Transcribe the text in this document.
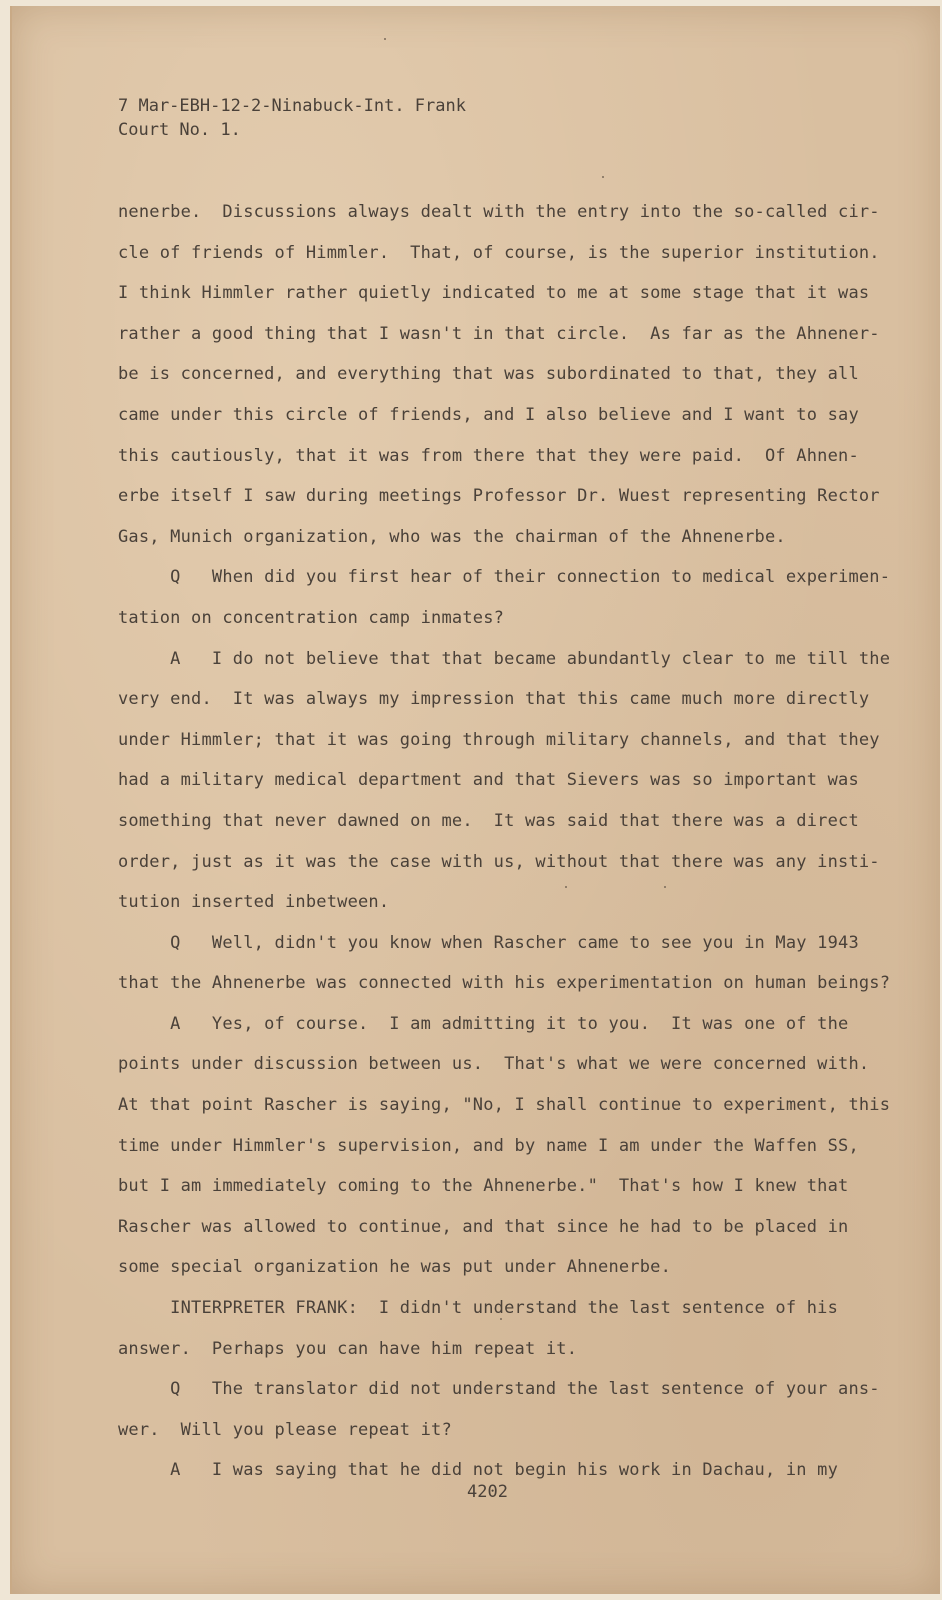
7 Mar-EBH-12-2-Ninabuck-Int. Frank
Court No. 1.
nenerbe.  Discussions always dealt with the entry into the so-called cir-
cle of friends of Himmler.  That, of course, is the superior institution.
I think Himmler rather quietly indicated to me at some stage that it was
rather a good thing that I wasn't in that circle.  As far as the Ahnener-
be is concerned, and everything that was subordinated to that, they all
came under this circle of friends, and I also believe and I want to say
this cautiously, that it was from there that they were paid.  Of Ahnen-
erbe itself I saw during meetings Professor Dr. Wuest representing Rector
Gas, Munich organization, who was the chairman of the Ahnenerbe.
Q   When did you first hear of their connection to medical experimen-
tation on concentration camp inmates?
A   I do not believe that that became abundantly clear to me till the
very end.  It was always my impression that this came much more directly
under Himmler; that it was going through military channels, and that they
had a military medical department and that Sievers was so important was
something that never dawned on me.  It was said that there was a direct
order, just as it was the case with us, without that there was any insti-
tution inserted inbetween.
Q   Well, didn't you know when Rascher came to see you in May 1943
that the Ahnenerbe was connected with his experimentation on human beings?
A   Yes, of course.  I am admitting it to you.  It was one of the
points under discussion between us.  That's what we were concerned with.
At that point Rascher is saying, "No, I shall continue to experiment, this
time under Himmler's supervision, and by name I am under the Waffen SS,
but I am immediately coming to the Ahnenerbe."  That's how I knew that
Rascher was allowed to continue, and that since he had to be placed in
some special organization he was put under Ahnenerbe.
INTERPRETER FRANK:  I didn't understand the last sentence of his
answer.  Perhaps you can have him repeat it.
Q   The translator did not understand the last sentence of your ans-
wer.  Will you please repeat it?
A   I was saying that he did not begin his work in Dachau, in my
4202
